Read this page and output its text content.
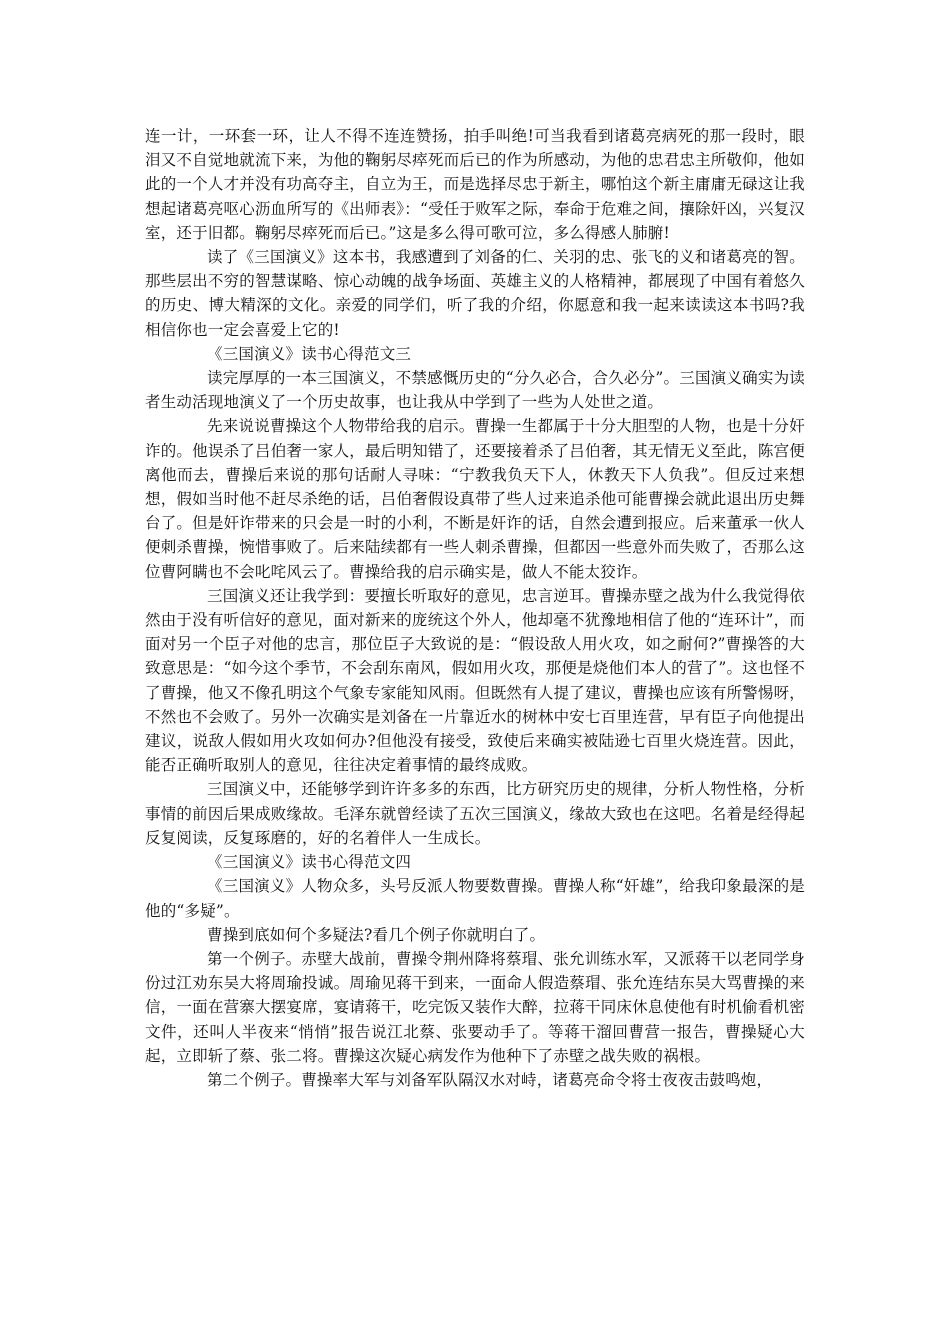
连一计，一环套一环，让人不得不连连赞扬，拍手叫绝!可当我看到诸葛亮病死的那一段时，眼泪又不自觉地就流下来，为他的鞠躬尽瘁死而后已的作为所感动，为他的忠君忠主所敬仰，他如此的一个人才并没有功高夺主，自立为王，而是选择尽忠于新主，哪怕这个新主庸庸无碌这让我想起诸葛亮呕心沥血所写的《出师表》：“受任于败军之际，奉命于危难之间，攘除奸凶，兴复汉室，还于旧都。鞠躬尽瘁死而后已。”这是多么得可歌可泣，多么得感人肺腑!

读了《三国演义》这本书，我感遭到了刘备的仁、关羽的忠、张飞的义和诸葛亮的智。那些层出不穷的智慧谋略、惊心动魄的战争场面、英雄主义的人格精神，都展现了中国有着悠久的历史、博大精深的文化。亲爱的同学们，听了我的介绍，你愿意和我一起来读读这本书吗?我相信你也一定会喜爱上它的!

《三国演义》读书心得范文三

读完厚厚的一本三国演义，不禁感慨历史的“分久必合，合久必分”。三国演义确实为读者生动活现地演义了一个历史故事，也让我从中学到了一些为人处世之道。

先来说说曹操这个人物带给我的启示。曹操一生都属于十分大胆型的人物，也是十分奸诈的。他误杀了吕伯奢一家人，最后明知错了，还要接着杀了吕伯奢，其无情无义至此，陈宫便离他而去，曹操后来说的那句话耐人寻味：“宁教我负天下人，休教天下人负我”。但反过来想想，假如当时他不赶尽杀绝的话，吕伯奢假设真带了些人过来追杀他可能曹操会就此退出历史舞台了。但是奸诈带来的只会是一时的小利，不断是奸诈的话，自然会遭到报应。后来董承一伙人便刺杀曹操，惋惜事败了。后来陆续都有一些人刺杀曹操，但都因一些意外而失败了，否那么这位曹阿瞒也不会叱咤风云了。曹操给我的启示确实是，做人不能太狡诈。

三国演义还让我学到：要擅长听取好的意见，忠言逆耳。曹操赤壁之战为什么我觉得依然由于没有听信好的意见，面对新来的庞统这个外人，他却毫不犹豫地相信了他的“连环计”，而面对另一个臣子对他的忠言，那位臣子大致说的是：“假设敌人用火攻，如之耐何?”曹操答的大致意思是：“如今这个季节，不会刮东南风，假如用火攻，那便是烧他们本人的营了”。这也怪不了曹操，他又不像孔明这个气象专家能知风雨。但既然有人提了建议，曹操也应该有所警惕呀，不然也不会败了。另外一次确实是刘备在一片靠近水的树林中安七百里连营，早有臣子向他提出建议，说敌人假如用火攻如何办?但他没有接受，致使后来确实被陆逊七百里火烧连营。因此，能否正确听取别人的意见，往往决定着事情的最终成败。

三国演义中，还能够学到许许多多的东西，比方研究历史的规律，分析人物性格，分析事情的前因后果成败缘故。毛泽东就曾经读了五次三国演义，缘故大致也在这吧。名着是经得起反复阅读，反复琢磨的，好的名着伴人一生成长。

《三国演义》读书心得范文四

《三国演义》人物众多，头号反派人物要数曹操。曹操人称“奸雄”，给我印象最深的是他的“多疑”。

曹操到底如何个多疑法?看几个例子你就明白了。

第一个例子。赤壁大战前，曹操令荆州降将蔡瑁、张允训练水军，又派蒋干以老同学身份过江劝东吴大将周瑜投诚。周瑜见蒋干到来，一面命人假造蔡瑁、张允连结东吴大骂曹操的来信，一面在营寨大摆宴席，宴请蒋干，吃完饭又装作大醉，拉蒋干同床休息使他有时机偷看机密文件，还叫人半夜来“悄悄”报告说江北蔡、张要动手了。等蒋干溜回曹营一报告，曹操疑心大起，立即斩了蔡、张二将。曹操这次疑心病发作为他种下了赤壁之战失败的祸根。

第二个例子。曹操率大军与刘备军队隔汉水对峙，诸葛亮命令将士夜夜击鼓鸣炮，
